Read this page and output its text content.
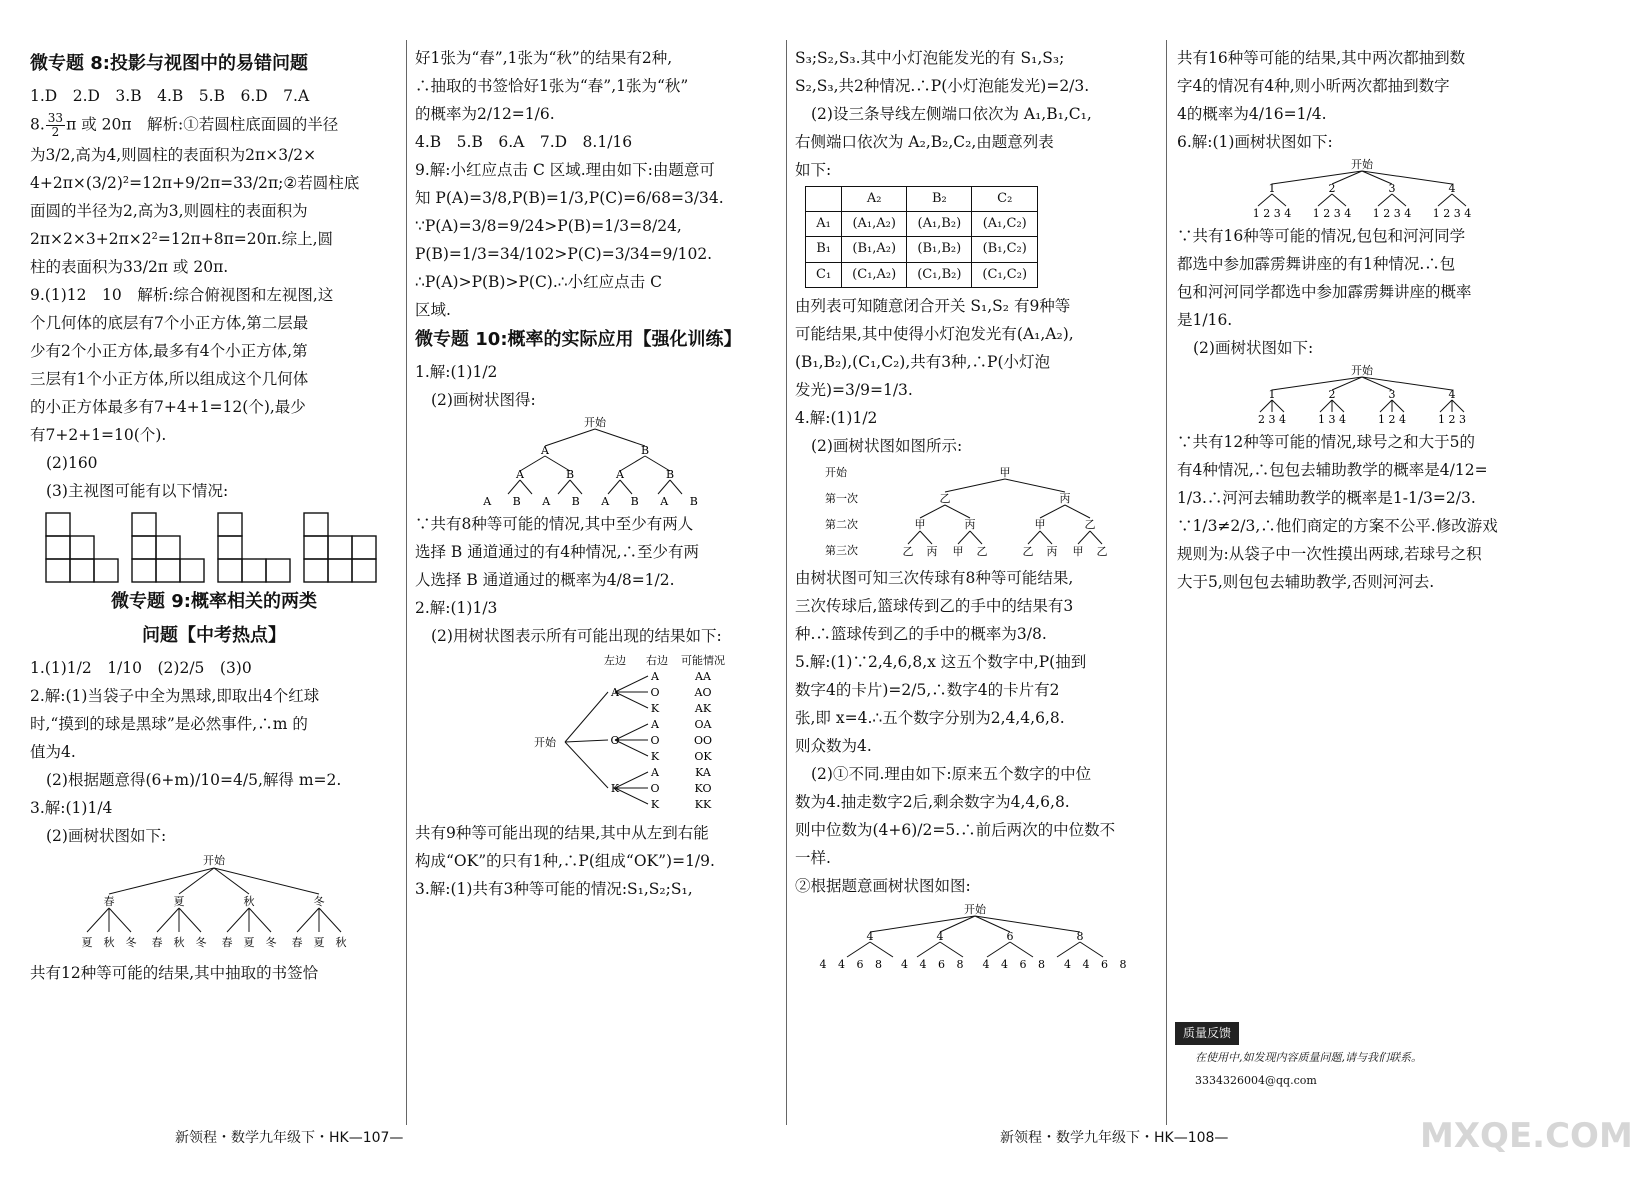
微专题 8:投影与视图中的易错问题

1.D　2.D　3.B　4.B　5.B　6.D　7.A

8. $\frac{33}{2}$ π 或 20π　解析:①若圆柱底面圆的半径

为3/2,高为4,则圆柱的表面积为2π×3/2×

4+2π×(3/2)²=12π+9/2π=33/2π;②若圆柱底

面圆的半径为2,高为3,则圆柱的表面积为

2π×2×3+2π×2²=12π+8π=20π.综上,圆

柱的表面积为33/2π 或 20π.

9.(1)12　10　解析:综合俯视图和左视图,这

个几何体的底层有7个小正方体,第二层最

少有2个小正方体,最多有4个小正方体,第

三层有1个小正方体,所以组成这个几何体

的小正方体最多有7+4+1=12(个),最少

有7+2+1=10(个).

(2)160

(3)主视图可能有以下情况:

微专题 9:概率相关的两类
问题【中考热点】

1.(1)1/2　1/10　(2)2/5　(3)0

2.解:(1)当袋子中全为黑球,即取出4个红球

时,“摸到的球是黑球”是必然事件,∴m 的

值为4.

(2)根据题意得(6+m)/10=4/5,解得 m=2.

3.解:(1)1/4

(2)画树状图如下:

开始
春	夏	秋	冬
夏 秋 冬 春 秋 冬 春 夏 冬 春 夏 秋

共有12种等可能的结果,其中抽取的书签恰

好1张为“春”,1张为“秋”的结果有2种,

∴抽取的书签恰好1张为“春”,1张为“秋”

的概率为2/12=1/6.

4.B　5.B　6.A　7.D　8.1/16

9.解:小红应点击 C 区域.理由如下:由题意可

知 P(A)=3/8,P(B)=1/3,P(C)=6/68=3/34.

∵P(A)=3/8=9/24>P(B)=1/3=8/24,

P(B)=1/3=34/102>P(C)=3/34=9/102.

∴P(A)>P(B)>P(C).∴小红应点击 C

区域.

微专题 10:概率的实际应用【强化训练】

1.解:(1)1/2

(2)画树状图得:

开始
A	B
A	B	A	B
A B A B A B A B

∵共有8种等可能的情况,其中至少有两人

选择 B 通道通过的有4种情况,∴至少有两

人选择 B 通道通过的概率为4/8=1/2.

2.解:(1)1/3

(2)用树状图表示所有可能出现的结果如下:

左边 右边 可能情况
开始
A
O
K
A
O
K
A
O
K
A
O
K
AA
AO
AK
OA
OO
OK
KA
KO
KK

共有9种等可能出现的结果,其中从左到右能

构成“OK”的只有1种,∴P(组成“OK”)=1/9.

3.解:(1)共有3种等可能的情况:S₁,S₂;S₁,

S₃;S₂,S₃.其中小灯泡能发光的有 S₁,S₃;

S₂,S₃,共2种情况.∴P(小灯泡能发光)=2/3.

(2)设三条导线左侧端口依次为 A₁,B₁,C₁,

右侧端口依次为 A₂,B₂,C₂,由题意列表

如下:

	A₂	B₂	C₂
A₁	(A₁,A₂)	(A₁,B₂)	(A₁,C₂)
B₁	(B₁,A₂)	(B₁,B₂)	(B₁,C₂)
C₁	(C₁,A₂)	(C₁,B₂)	(C₁,C₂)

由列表可知随意闭合开关 S₁,S₂ 有9种等

可能结果,其中使得小灯泡发光有(A₁,A₂),

(B₁,B₂),(C₁,C₂),共有3种,∴P(小灯泡

发光)=3/9=1/3.

4.解:(1)1/2

(2)画树状图如图所示:

开始
第一次
第二次
第三次
甲
乙	丙
甲	丙	甲	乙
乙 丙 甲 乙	乙 丙 甲 乙

由树状图可知三次传球有8种等可能结果,

三次传球后,篮球传到乙的手中的结果有3

种.∴篮球传到乙的手中的概率为3/8.

5.解:(1)∵2,4,6,8,x 这五个数字中,P(抽到

数字4的卡片)=2/5,∴数字4的卡片有2

张,即 x=4.∴五个数字分别为2,4,4,6,8.

则众数为4.

(2)①不同.理由如下:原来五个数字的中位

数为4.抽走数字2后,剩余数字为4,4,6,8.

则中位数为(4+6)/2=5.∴前后两次的中位数不

一样.

②根据题意画树状图如图:

开始
4	4	6	8
4 4 6 8　4 4 6 8　4 4 6 8　4 4 6 8

共有16种等可能的结果,其中两次都抽到数

字4的情况有4种,则小昕两次都抽到数字

4的概率为4/16=1/4.

6.解:(1)画树状图如下:

开始
1	2	3	4
1 2 3 4 1 2 3 4 1 2 3 4 1 2 3 4

∵共有16种等可能的情况,包包和河河同学

都选中参加霹雳舞讲座的有1种情况.∴包

包和河河同学都选中参加霹雳舞讲座的概率

是1/16.

(2)画树状图如下:

开始
1	2	3	4
2 3 4	1 3 4	1 2 4	1 2 3

∵共有12种等可能的情况,球号之和大于5的

有4种情况,∴包包去辅助教学的概率是4/12=

1/3.∴河河去辅助教学的概率是1-1/3=2/3.

∵1/3≠2/3,∴他们商定的方案不公平.修改游戏

规则为:从袋子中一次性摸出两球,若球号之积

大于5,则包包去辅助教学,否则河河去.

质量反馈
在使用中,如发现内容质量问题,请与我们联系。
3334326004@qq.com
新领程・数学九年级下・HK—107—	新领程・数学九年级下・HK—108—	MXQE.COM
